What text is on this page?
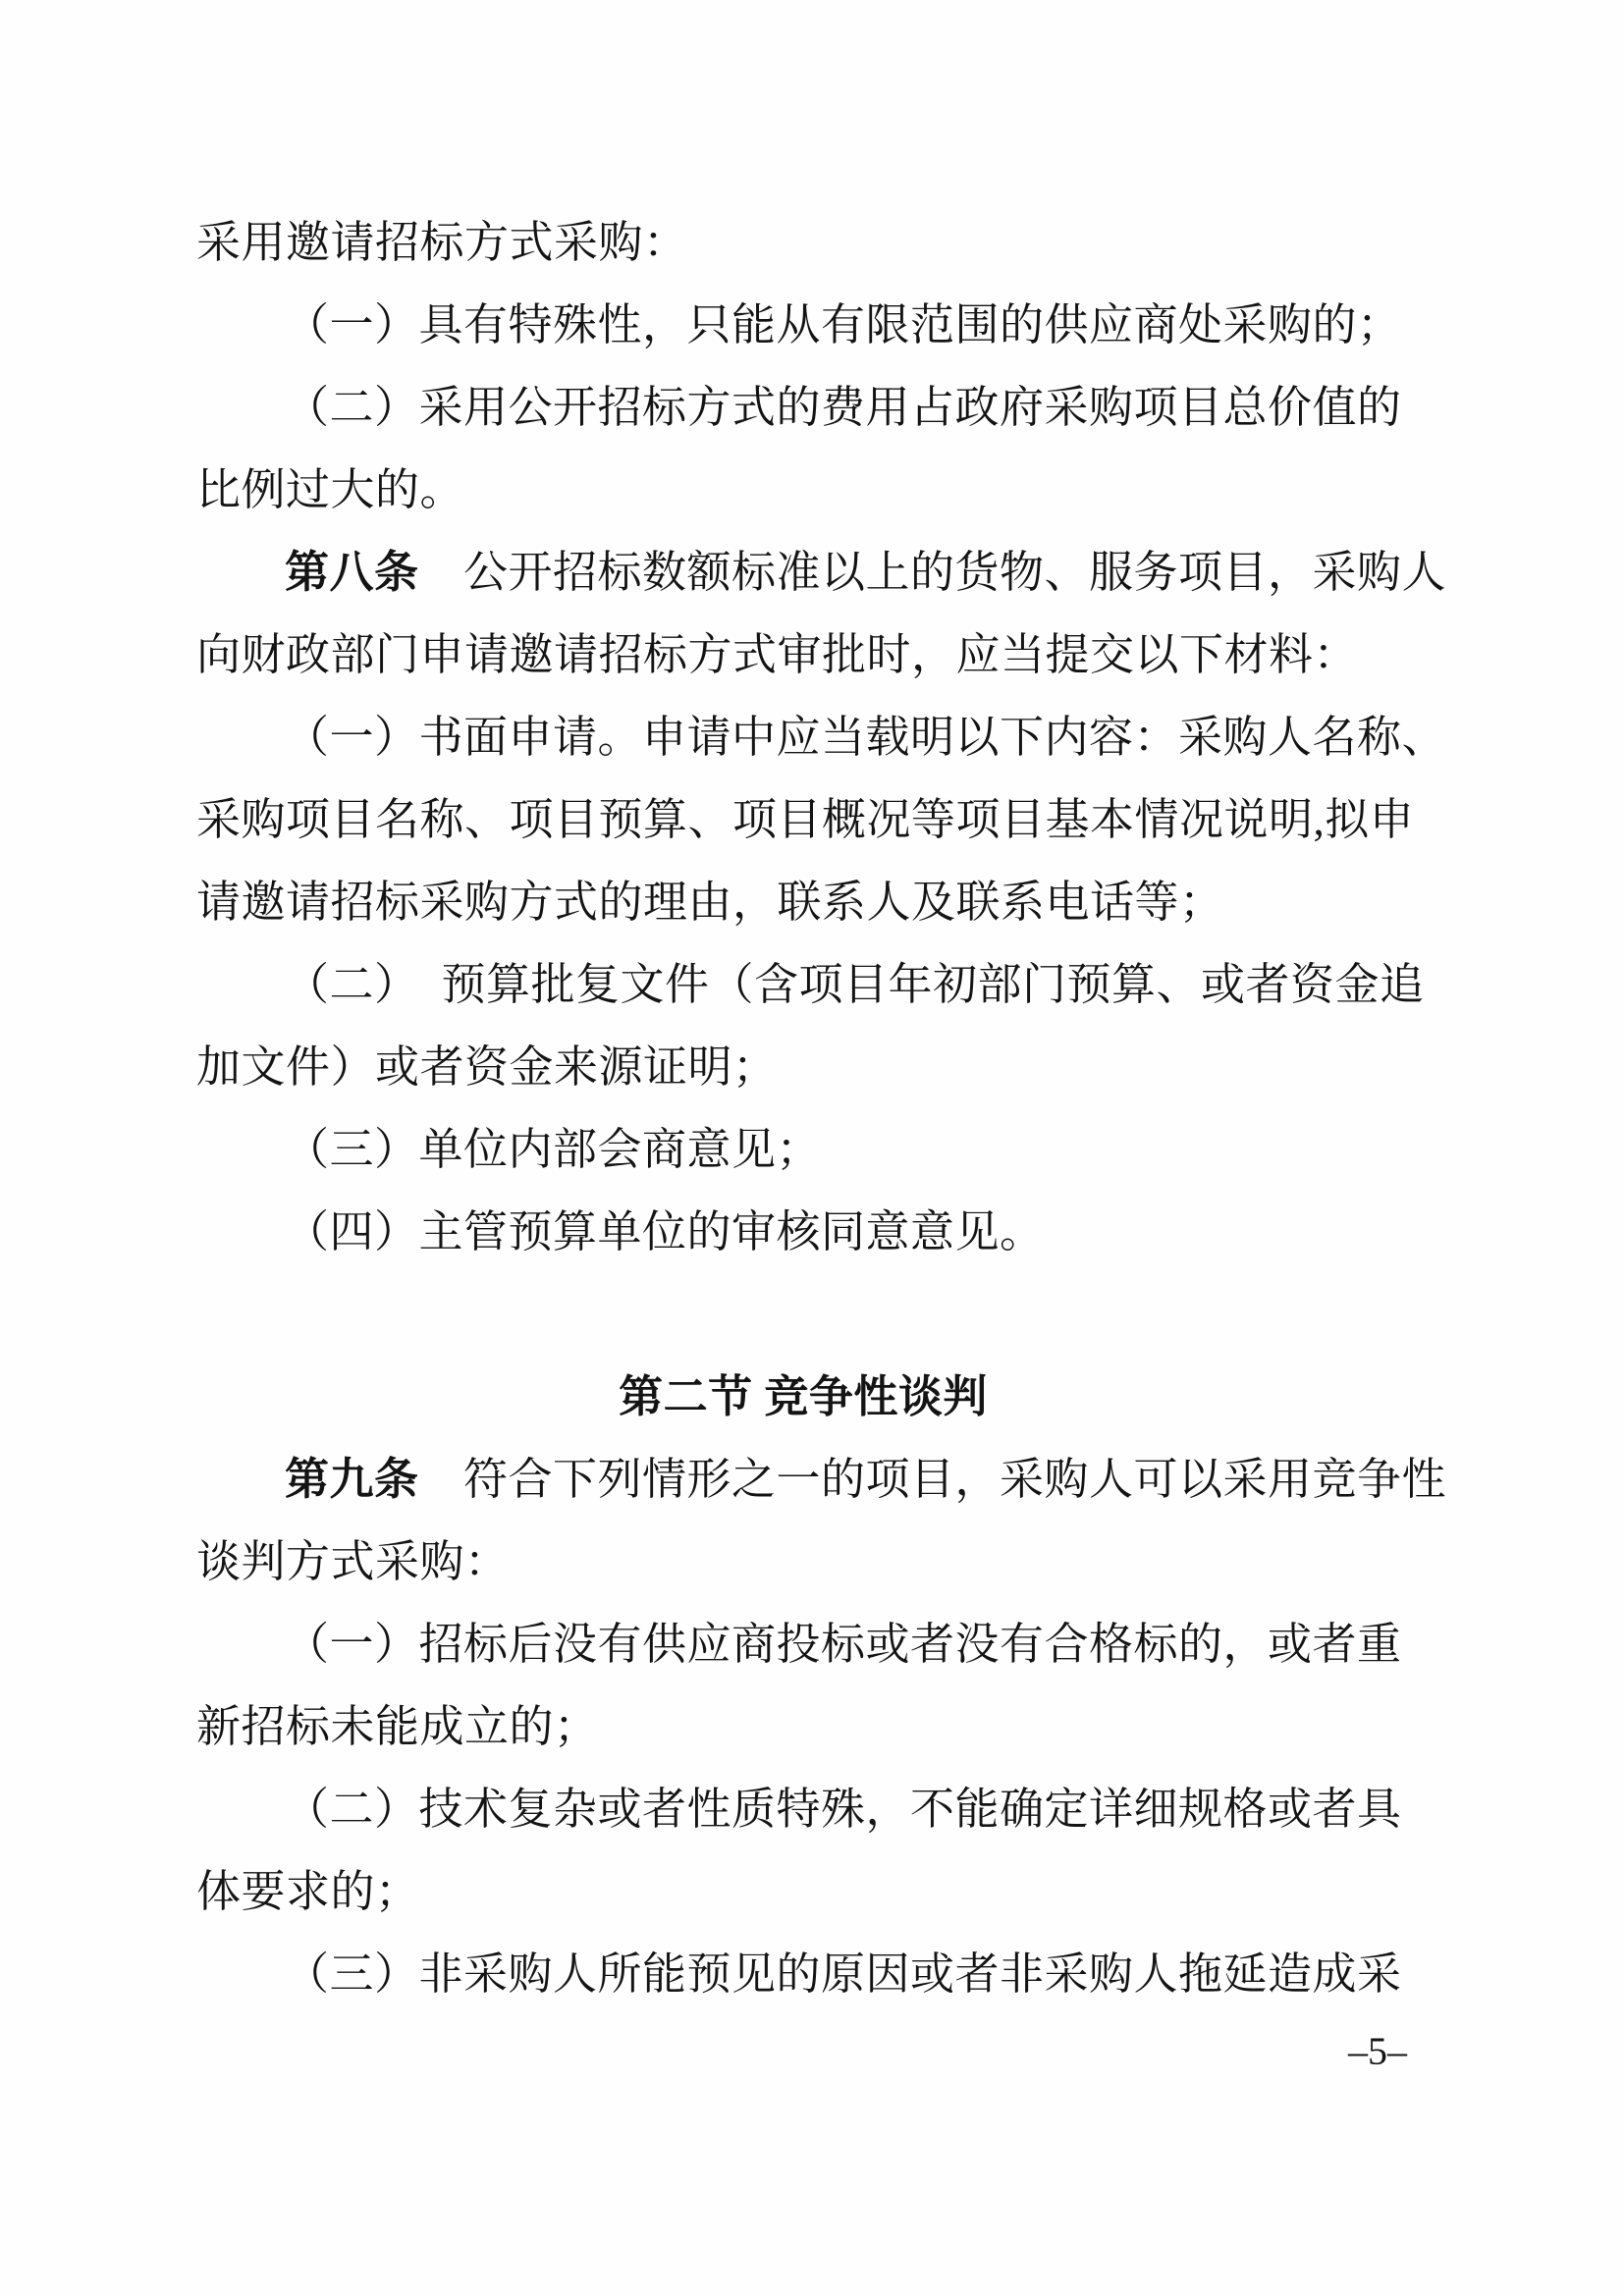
采用邀请招标方式采购：
（一）具有特殊性，只能从有限范围的供应商处采购的；
（二）采用公开招标方式的费用占政府采购项目总价值的
比例过大的。
第八条　公开招标数额标准以上的货物、服务项目，采购人
向财政部门申请邀请招标方式审批时，应当提交以下材料：
（一）书面申请。申请中应当载明以下内容：采购人名称、
采购项目名称、项目预算、项目概况等项目基本情况说明,拟申
请邀请招标采购方式的理由，联系人及联系电话等；
（二）　预算批复文件（含项目年初部门预算、或者资金追
加文件）或者资金来源证明；
（三）单位内部会商意见；
（四）主管预算单位的审核同意意见。
第二节 竞争性谈判
第九条　 符合下列情形之一的项目，采购人可以采用竞争性
谈判方式采购：
（一）招标后没有供应商投标或者没有合格标的，或者重
新招标未能成立的；
（二）技术复杂或者性质特殊，不能确定详细规格或者具
体要求的；
（三）非采购人所能预见的原因或者非采购人拖延造成采
–5–
